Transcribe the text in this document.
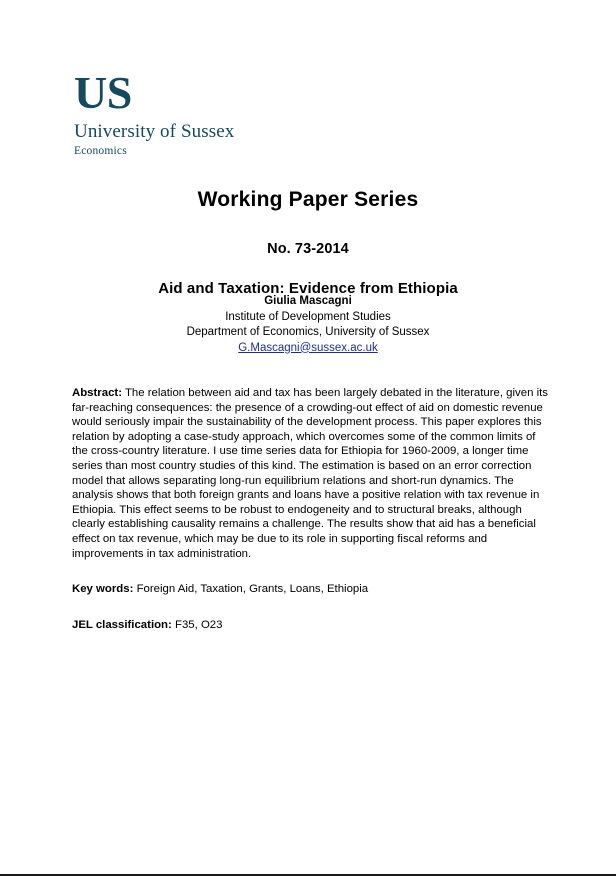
US
University of Sussex
Economics
Working Paper Series
No. 73-2014
Aid and Taxation: Evidence from Ethiopia
Giulia Mascagni
Institute of Development Studies
Department of Economics, University of Sussex
G.Mascagni@sussex.ac.uk

Abstract: The relation between aid and tax has been largely debated in the literature, given its far-reaching consequences: the presence of a crowding-out effect of aid on domestic revenue would seriously impair the sustainability of the development process. This paper explores this relation by adopting a case-study approach, which overcomes some of the common limits of the cross-country literature. I use time series data for Ethiopia for 1960-2009, a longer time series than most country studies of this kind. The estimation is based on an error correction model that allows separating long-run equilibrium relations and short-run dynamics. The analysis shows that both foreign grants and loans have a positive relation with tax revenue in Ethiopia. This effect seems to be robust to endogeneity and to structural breaks, although clearly establishing causality remains a challenge. The results show that aid has a beneficial effect on tax revenue, which may be due to its role in supporting fiscal reforms and improvements in tax administration.

Key words: Foreign Aid, Taxation, Grants, Loans, Ethiopia

JEL classification: F35, O23
